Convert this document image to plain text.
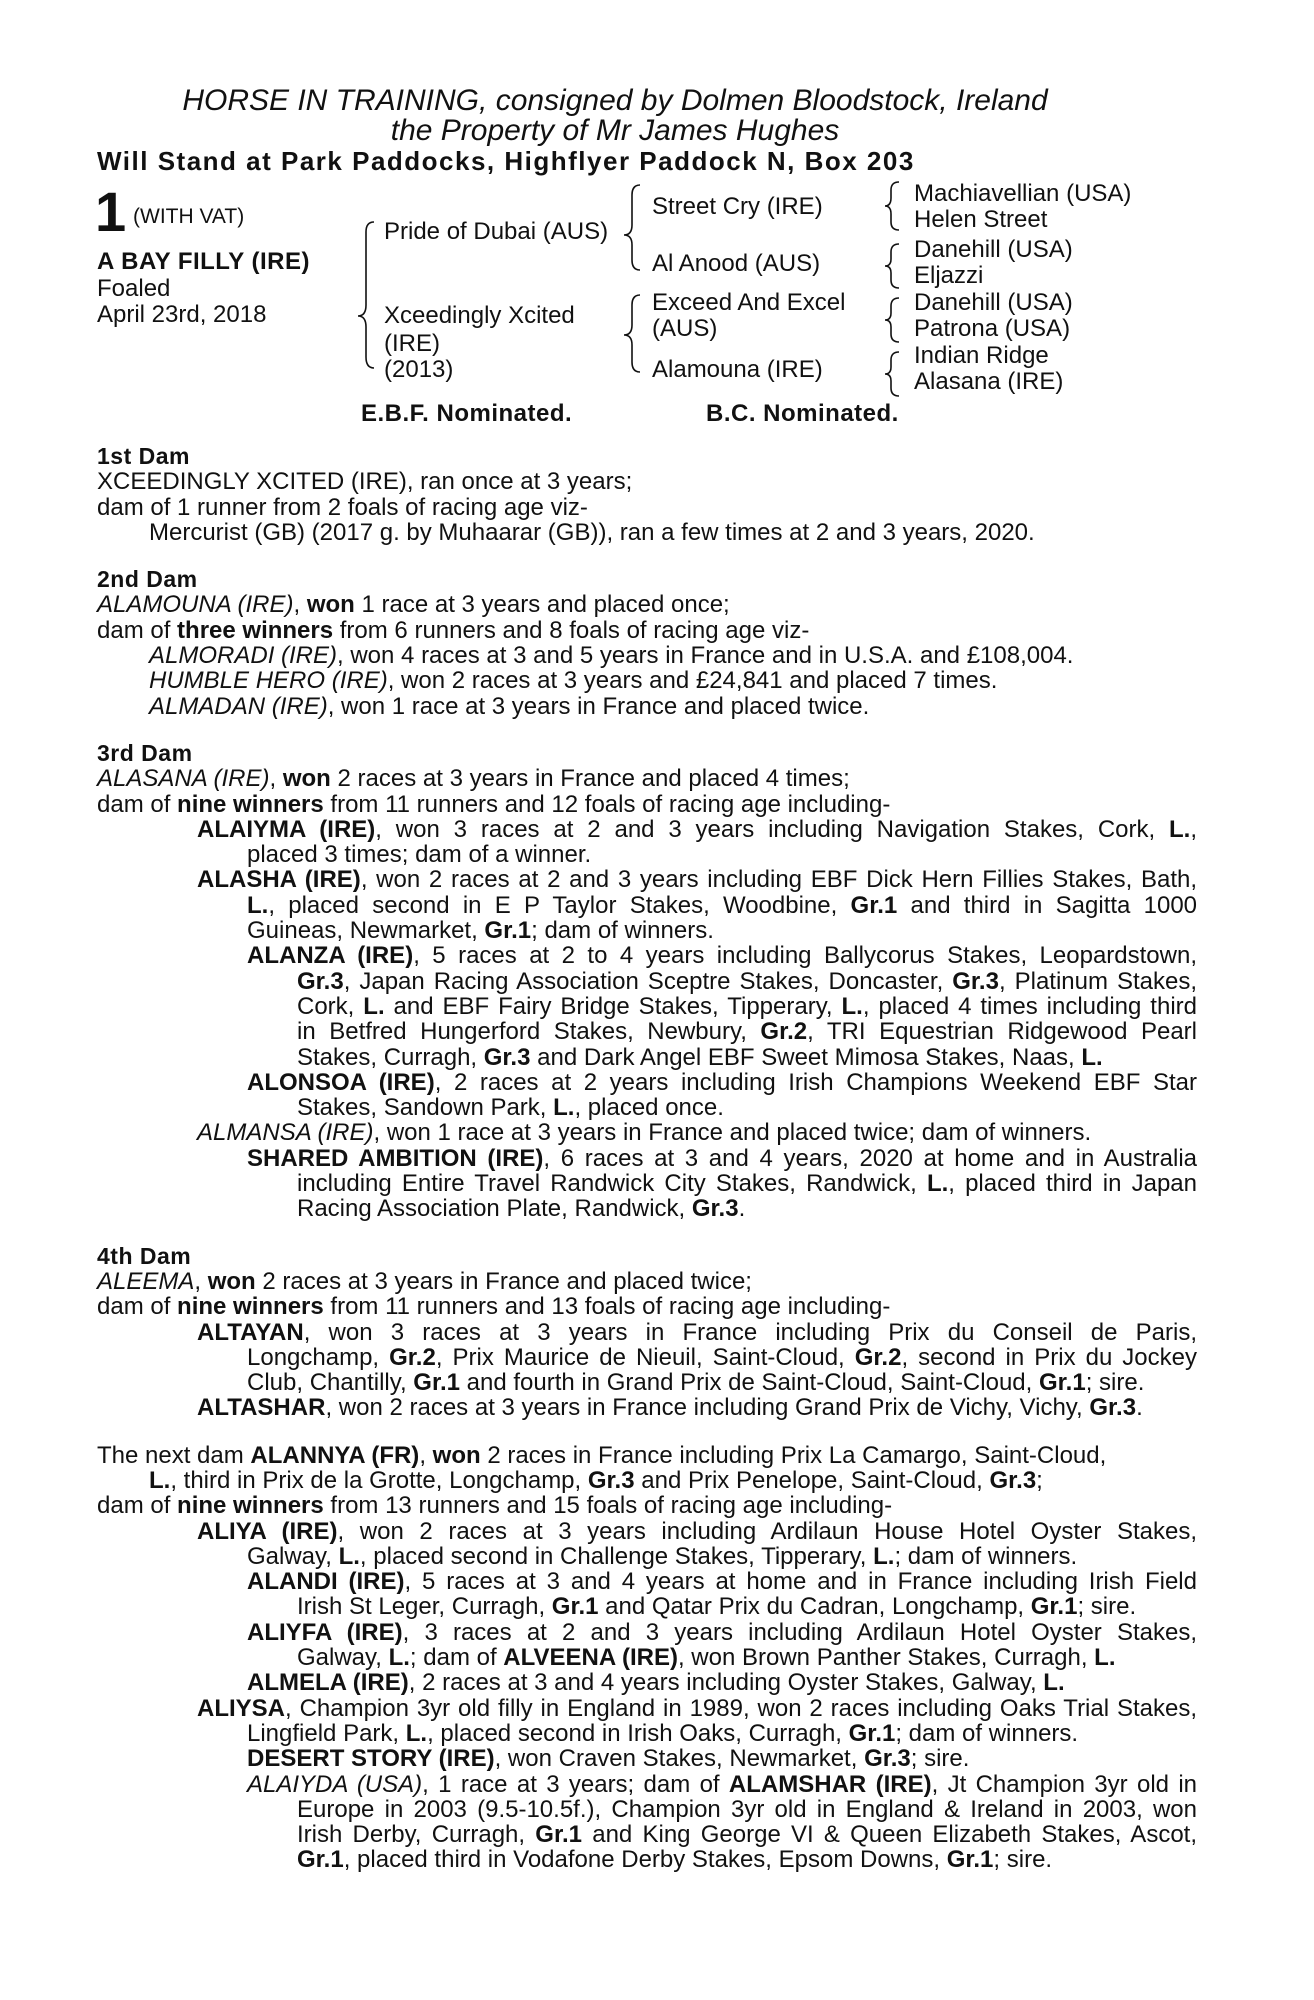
HORSE IN TRAINING, consigned by Dolmen Bloodstock, Ireland
the Property of Mr James Hughes
Will Stand at Park Paddocks, Highflyer Paddock N, Box 203
1 (WITH VAT)
A BAY FILLY (IRE)
Foaled
April 23rd, 2018
Pride of Dubai (AUS)
Xceedingly Xcited
(IRE)
(2013)
Street Cry (IRE)
Al Anood (AUS)
Exceed And Excel
(AUS)
Alamouna (IRE)
Machiavellian (USA)
Helen Street
Danehill (USA)
Eljazzi
Danehill (USA)
Patrona (USA)
Indian Ridge
Alasana (IRE)
E.B.F. Nominated.	B.C. Nominated.
1st Dam
XCEEDINGLY XCITED (IRE), ran once at 3 years;
dam of 1 runner from 2 foals of racing age viz-
Mercurist (GB) (2017 g. by Muhaarar (GB)), ran a few times at 2 and 3 years, 2020.
2nd Dam
ALAMOUNA (IRE), won 1 race at 3 years and placed once;
dam of three winners from 6 runners and 8 foals of racing age viz-
ALMORADI (IRE), won 4 races at 3 and 5 years in France and in U.S.A. and £108,004.
HUMBLE HERO (IRE), won 2 races at 3 years and £24,841 and placed 7 times.
ALMADAN (IRE), won 1 race at 3 years in France and placed twice.
3rd Dam
ALASANA (IRE), won 2 races at 3 years in France and placed 4 times;
dam of nine winners from 11 runners and 12 foals of racing age including-
ALAIYMA (IRE), won 3 races at 2 and 3 years including Navigation Stakes, Cork, L.,
placed 3 times; dam of a winner.
ALASHA (IRE), won 2 races at 2 and 3 years including EBF Dick Hern Fillies Stakes, Bath,
L., placed second in E P Taylor Stakes, Woodbine, Gr.1 and third in Sagitta 1000
Guineas, Newmarket, Gr.1; dam of winners.
ALANZA (IRE), 5 races at 2 to 4 years including Ballycorus Stakes, Leopardstown,
Gr.3, Japan Racing Association Sceptre Stakes, Doncaster, Gr.3, Platinum Stakes,
Cork, L. and EBF Fairy Bridge Stakes, Tipperary, L., placed 4 times including third
in Betfred Hungerford Stakes, Newbury, Gr.2, TRI Equestrian Ridgewood Pearl
Stakes, Curragh, Gr.3 and Dark Angel EBF Sweet Mimosa Stakes, Naas, L.
ALONSOA (IRE), 2 races at 2 years including Irish Champions Weekend EBF Star
Stakes, Sandown Park, L., placed once.
ALMANSA (IRE), won 1 race at 3 years in France and placed twice; dam of winners.
SHARED AMBITION (IRE), 6 races at 3 and 4 years, 2020 at home and in Australia
including Entire Travel Randwick City Stakes, Randwick, L., placed third in Japan
Racing Association Plate, Randwick, Gr.3.
4th Dam
ALEEMA, won 2 races at 3 years in France and placed twice;
dam of nine winners from 11 runners and 13 foals of racing age including-
ALTAYAN, won 3 races at 3 years in France including Prix du Conseil de Paris,
Longchamp, Gr.2, Prix Maurice de Nieuil, Saint-Cloud, Gr.2, second in Prix du Jockey
Club, Chantilly, Gr.1 and fourth in Grand Prix de Saint-Cloud, Saint-Cloud, Gr.1; sire.
ALTASHAR, won 2 races at 3 years in France including Grand Prix de Vichy, Vichy, Gr.3.
The next dam ALANNYA (FR), won 2 races in France including Prix La Camargo, Saint-Cloud,
L., third in Prix de la Grotte, Longchamp, Gr.3 and Prix Penelope, Saint-Cloud, Gr.3;
dam of nine winners from 13 runners and 15 foals of racing age including-
ALIYA (IRE), won 2 races at 3 years including Ardilaun House Hotel Oyster Stakes,
Galway, L., placed second in Challenge Stakes, Tipperary, L.; dam of winners.
ALANDI (IRE), 5 races at 3 and 4 years at home and in France including Irish Field
Irish St Leger, Curragh, Gr.1 and Qatar Prix du Cadran, Longchamp, Gr.1; sire.
ALIYFA (IRE), 3 races at 2 and 3 years including Ardilaun Hotel Oyster Stakes,
Galway, L.; dam of ALVEENA (IRE), won Brown Panther Stakes, Curragh, L.
ALMELA (IRE), 2 races at 3 and 4 years including Oyster Stakes, Galway, L.
ALIYSA, Champion 3yr old filly in England in 1989, won 2 races including Oaks Trial Stakes,
Lingfield Park, L., placed second in Irish Oaks, Curragh, Gr.1; dam of winners.
DESERT STORY (IRE), won Craven Stakes, Newmarket, Gr.3; sire.
ALAIYDA (USA), 1 race at 3 years; dam of ALAMSHAR (IRE), Jt Champion 3yr old in
Europe in 2003 (9.5-10.5f.), Champion 3yr old in England & Ireland in 2003, won
Irish Derby, Curragh, Gr.1 and King George VI & Queen Elizabeth Stakes, Ascot,
Gr.1, placed third in Vodafone Derby Stakes, Epsom Downs, Gr.1; sire.
